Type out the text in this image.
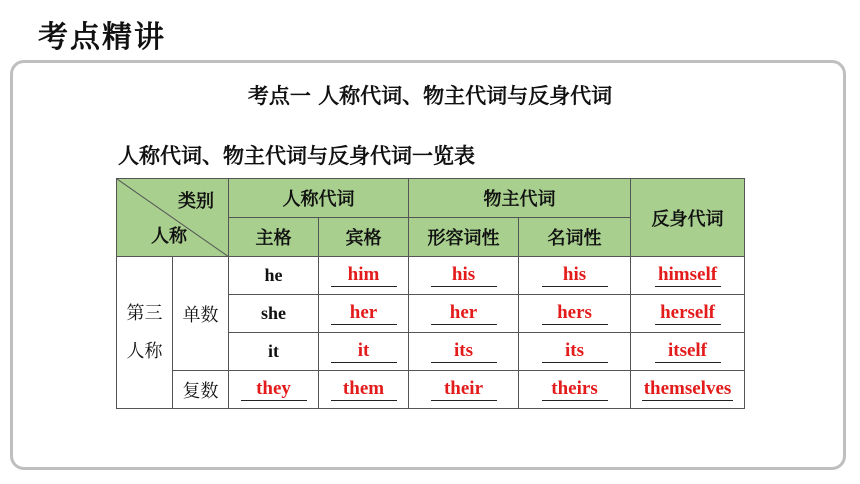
考点精讲
考点一 人称代词、物主代词与反身代词
人称代词、物主代词与反身代词一览表
类别
人称		人称代词		物主代词		反身代词
		主格	宾格	形容词性	名词性	

第三人称	单数	he	him	his	his	himself
		she	her	her	hers	herself
		it	it	its	its	itself
	复数	they	them	their	theirs	themselves
